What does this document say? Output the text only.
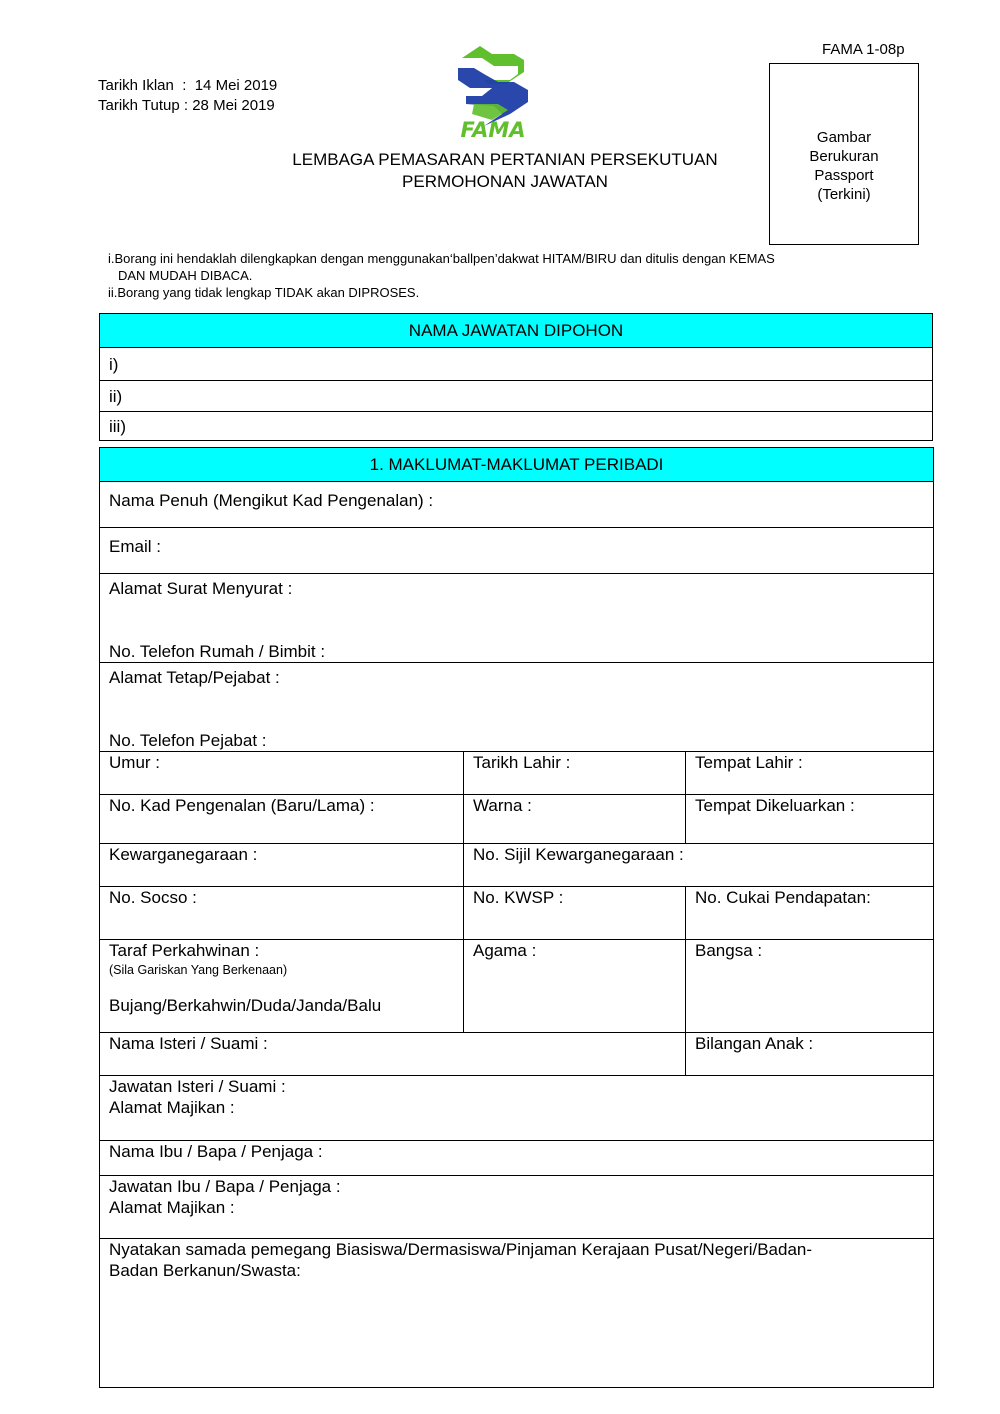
FAMA 1-08p
Tarikh Iklan  : 14 Mei 2019
Tarikh Tutup : 28 Mei 2019
FAMA
LEMBAGA PEMASARAN PERTANIAN PERSEKUTUAN
PERMOHONAN JAWATAN
Gambar
Berukuran
Passport
(Terkini)
i.Borang ini hendaklah dilengkapkan dengan menggunakan‘ballpen’dakwat HITAM/BIRU dan ditulis dengan KEMAS
DAN MUDAH DIBACA.
ii.Borang yang tidak lengkap TIDAK akan DIPROSES.
NAMA JAWATAN DIPOHON
i)
ii)
iii)
1. MAKLUMAT-MAKLUMAT PERIBADI		
Nama Penuh (Mengikut Kad Pengenalan) :		
Email :		

Alamat Surat Menyurat :
No. Telefon Rumah / Bimbit :		

Alamat Tetap/Pejabat :
No. Telefon Pejabat :		
Umur :	Tarikh Lahir :	Tempat Lahir :
No. Kad Pengenalan (Baru/Lama) :	Warna :	Tempat Dikeluarkan :
Kewarganegaraan :	No. Sijil Kewarganegaraan :	
No. Socso :	No. KWSP :	No. Cukai Pendapatan:

Taraf Perkahwinan :
(Sila Gariskan Yang Berkenaan)
Bujang/Berkahwin/Duda/Janda/Balu	Agama :	Bangsa :
Nama Isteri / Suami :		Bilangan Anak :

Jawatan Isteri / Suami :
Alamat Majikan :		
Nama Ibu / Bapa / Penjaga :		

Jawatan Ibu / Bapa / Penjaga :
Alamat Majikan :		

Nyatakan samada pemegang Biasiswa/Dermasiswa/Pinjaman Kerajaan Pusat/Negeri/Badan-
Badan Berkanun/Swasta:		
